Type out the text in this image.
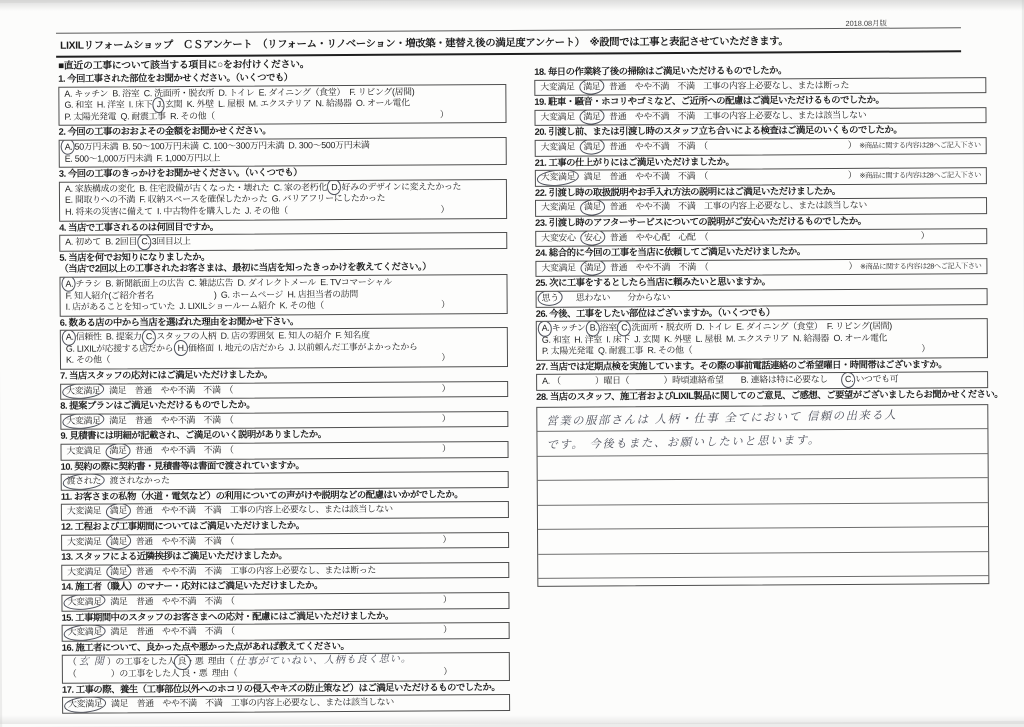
LIXILリフォームショップ　ＣＳアンケート　（リフォーム・リノベーション・増改築・建替え後の満足度アンケート）　※設問では工事と表記させていただきます。
2018.08月版
■直近の工事について該当する項目に○をお付けください。
1. 今回工事された部位をお聞かせください。（いくつでも）
A. キッチン  B. 浴室  C. 洗面所・脱衣所  D. トイレ  E. ダイニング（食堂）  F. リビング(居間)
G. 和室  H. 洋室  I. 床下 J . 玄関  K. 外壁  L. 屋根  M. エクステリア  N. 給湯器  O. オール電化
P. 太陽光発電  Q. 耐震工事  R. その他（	）
2. 今回の工事のおおよその金額をお聞かせください。
A . 50万円未満  B. 50～100万円未満  C. 100～300万円未満  D. 300～500万円未満
E. 500～1,000万円未満  F. 1,000万円以上
3. 今回の工事のきっかけをお聞かせください。（いくつでも）
A. 家族構成の変化  B. 住宅設備が古くなった・壊れた  C. 家の老朽化 D . 好みのデザインに変えたかった
E. 間取りへの不満  F. 収納スペースを確保したかった  G. バリアフリーにしたかった
H. 将来の災害に備えて  I. 中古物件を購入した  J. その他（	）
4. 当店で工事されるのは何回目ですか。
A. 初めて  B. 2回目 C . 3回目以上
5. 当店を何でお知りになりましたか。
（当店で2回以上の工事されたお客さまは、最初に当店を知ったきっかけを教えてください。）
A . チラシ  B. 新聞紙面上の広告  C. 雑誌広告  D. ダイレクトメール  E. TVコマーシャル
F. 知人紹介(ご紹介者名　　　　　　　)  G. ホームページ  H. 店担当者の訪問
I. 店があることを知っていた  J. LIXILショールーム紹介  K. その他（	）
6. 数ある店の中から当店を選ばれた理由をお聞かせ下さい。
A . 信頼性  B. 提案力 C . スタッフの人柄  D. 店の雰囲気  E. 知人の紹介  F. 知名度
G. LIXILが応援する店だから H . 価格面  I. 地元の店だから  J. 以前頼んだ工事がよかったから
K. その他（	）
7. 当店スタッフの応対にはご満足いただけましたか。
大変満足 　満足　普通　やや不満　不満　（	）
8. 提案プランはご満足いただけるものでしたか。
大変満足 　満足　普通　やや不満　不満　（	）
9. 見積書には明細が記載され、ご満足のいく説明がありましたか。
大変満足　 満足 　普通　やや不満　不満　（	）
10. 契約の際に契約書・見積書等は書面で渡されていますか。
渡された 　渡されなかった
11. お客さまの私物（水道・電気など）の利用についての声がけや説明などの配慮はいかがでしたか。
大変満足　 満足 　普通　やや不満　不満　工事の内容上必要なし、または該当しない
12. 工程および工事期間についてはご満足いただけましたか。
大変満足　 満足 　普通　やや不満　不満　（	）
13. スタッフによる近隣挨拶はご満足いただけましたか。
大変満足　 満足 　普通　やや不満　不満　工事の内容上必要なし、または断った
14. 施工者（職人）のマナー・応対にはご満足いただけましたか。
大変満足 　満足　普通　やや不満　不満　（	）
15. 工事期間中のスタッフのお客さまへの応対・配慮にはご満足いただけましたか。
大変満足 　満足　普通　やや不満　不満　（	）
16. 施工者について、良かった点や悪かった点があれば教えてください。
（ 玄 関 ）の工事をした人 良 ・悪  理由（ 仕事がていねい、人柄も良く思い。
（　　　　）の工事をした人 良・悪  理由（	）
17. 工事の際、養生（工事部位以外へのホコリの侵入やキズの防止策など）はご満足いただけるものでしたか。
大変満足 　満足　普通　やや不満　不満　工事の内容上必要なし、または該当しない
18. 毎日の作業終了後の掃除はご満足いただけるものでしたか。
大変満足　 満足 　普通　やや不満　不満　工事の内容上必要なし、または断った
19. 駐車・騒音・ホコリやゴミなど、ご近所への配慮はご満足いただけるものでしたか。
大変満足　 満足 　普通　やや不満　不満　工事の内容上必要なし、または該当しない
20. 引渡し前、または引渡し時のスタッフ立ち合いによる検査はご満足のいくものでしたか。
大変満足　 満足 　普通　やや不満　不満　（	） ※商品に関する内容は28へご記入下さい
21. 工事の仕上がりにはご満足いただけましたか。
大変満足 　満足　普通　やや不満　不満　（	） ※商品に関する内容は28へご記入下さい
22. 引渡し時の取扱説明やお手入れ方法の説明にはご満足いただけましたか。
大変満足　 満足 　普通　やや不満　不満　工事の内容上必要なし、または該当しない
23. 引渡し時のアフターサービスについての説明がご安心いただけるものでしたか。
大変安心　 安心 　普通　やや心配　心配　（	）
24. 総合的に今回の工事を当店に依頼してご満足いただけましたか。
大変満足　 満足 　普通　やや不満　不満　（	） ※商品に関する内容は28へご記入下さい
25. 次に工事をするとしたら当店に頼みたいと思いますか。
思う 　　思わない　　分からない
26. 今後、工事をしたい部位はございますか。（いくつでも）
A . キッチン B . 浴室 C . 洗面所・脱衣所  D. トイレ  E. ダイニング（食堂）  F. リビング(居間)
G. 和室  H. 洋室  I. 床下  J. 玄関  K. 外壁  L. 屋根  M. エクステリア  N. 給湯器  O. オール電化
P. 太陽光発電  Q. 耐震工事  R. その他（	）
27. 当店では定期点検を実施しています。その際の事前電話連絡のご希望曜日・時間帯はございますか。
A. （　　　　）曜日（　　　　）時頃連絡希望　　B. 連絡は特に必要なし　　 C . いつでも可
28. 当店のスタッフ、施工者およびLIXIL製品に関してのご意見、ご感想、ご要望がございましたらお聞かせください。
営業の服部さんは 人柄・仕事 全てにおいて 信頼の出来る人
です。 今後もまた、お願いしたいと思います。
